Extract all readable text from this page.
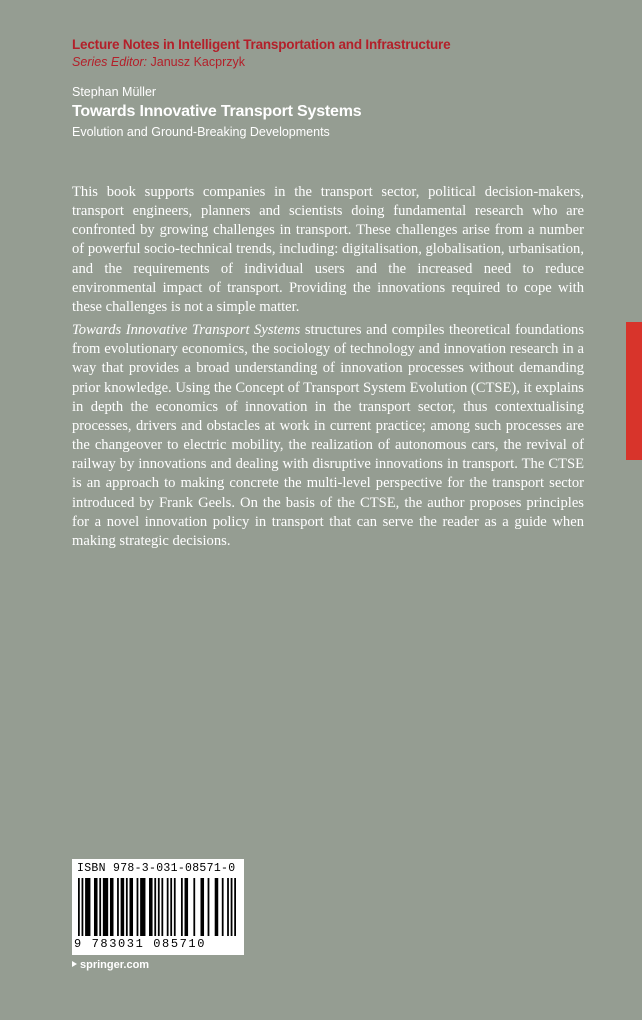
Lecture Notes in Intelligent Transportation and Infrastructure
Series Editor: Janusz Kacprzyk
Stephan Müller
Towards Innovative Transport Systems
Evolution and Ground-Breaking Developments

This book supports companies in the transport sector, political decision-makers, transport engineers, planners and scientists doing fundamental research who are confronted by growing challenges in transport. These challenges arise from a number of powerful socio-technical trends, including: digitalisation, globalisation, urbanisation, and the requirements of individual users and the increased need to reduce environmental impact of transport. Providing the innovations required to cope with these challenges is not a simple matter.

Towards Innovative Transport Systems structures and compiles theoretical foundations from evolutionary economics, the sociology of technology and innovation research in a way that provides a broad understanding of innovation processes without demanding prior knowledge. Using the Concept of Transport System Evolution (CTSE), it explains in depth the economics of innovation in the transport sector, thus contextualising processes, drivers and obstacles at work in current practice; among such processes are the changeover to electric mobility, the realization of autonomous cars, the revival of railway by innovations and dealing with disruptive innovations in transport. The CTSE is an approach to making concrete the multi-level perspective for the transport sector introduced by Frank Geels. On the basis of the CTSE, the author proposes principles for a novel innovation policy in transport that can serve the reader as a guide when making strategic decisions.

ISBN 978-3-031-08571-0
9 783031 085710
springer.com
